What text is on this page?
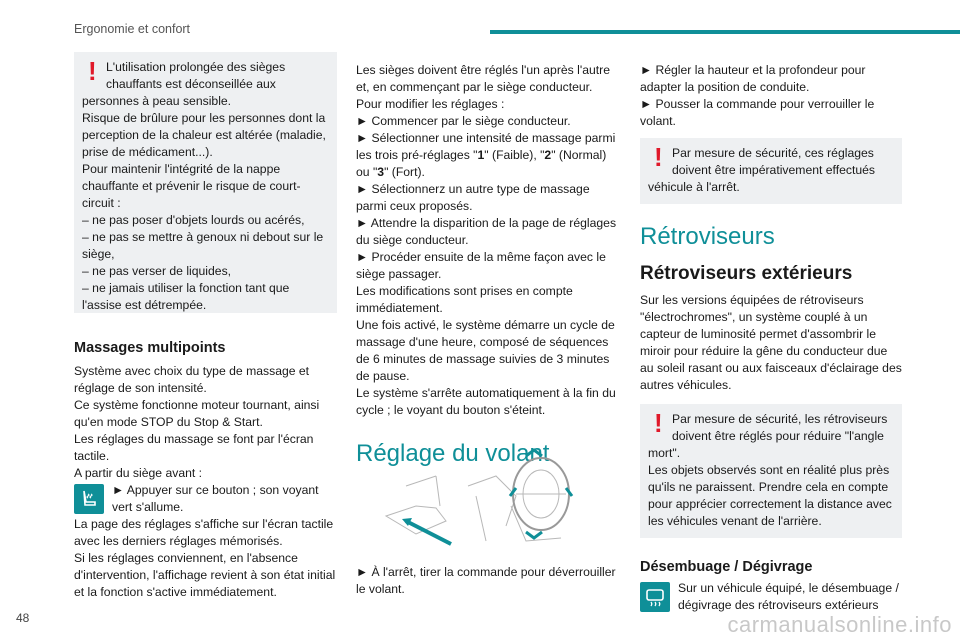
Ergonomie et confort
! L'utilisation prolongée des sièges chauffants est déconseillée aux

personnes à peau sensible.

Risque de brûlure pour les personnes dont la perception de la chaleur est altérée (maladie, prise de médicament...).

Pour maintenir l'intégrité de la nappe chauffante et prévenir le risque de court-circuit :

– ne pas poser d'objets lourds ou acérés,

– ne pas se mettre à genoux ni debout sur le siège,

– ne pas verser de liquides,

– ne jamais utiliser la fonction tant que l'assise est détrempée.

Massages multipoints

Système avec choix du type de massage et réglage de son intensité.

Ce système fonctionne moteur tournant, ainsi qu'en mode STOP du Stop & Start.

Les réglages du massage se font par l'écran tactile.

A partir du siège avant :

► Appuyer sur ce bouton ; son voyant vert s'allume.

La page des réglages s'affiche sur l'écran tactile avec les derniers réglages mémorisés.

Si les réglages conviennent, en l'absence d'intervention, l'affichage revient à son état initial et la fonction s'active immédiatement.

Les sièges doivent être réglés l'un après l'autre et, en commençant par le siège conducteur.

Pour modifier les réglages :

► Commencer par le siège conducteur.

► Sélectionner une intensité de massage parmi les trois pré-réglages "1" (Faible), "2" (Normal) ou "3" (Fort).

► Sélectionnerz un autre type de massage parmi ceux proposés.

► Attendre la disparition de la page de réglages du siège conducteur.

► Procéder ensuite de la même façon avec le siège passager.

Les modifications sont prises en compte immédiatement.

Une fois activé, le système démarre un cycle de massage d'une heure, composé de séquences de 6 minutes de massage suivies de 3 minutes de pause.

Le système s'arrête automatiquement à la fin du cycle ; le voyant du bouton s'éteint.

Réglage du volant

► À l'arrêt, tirer la commande pour déverrouiller le volant.

► Régler la hauteur et la profondeur pour adapter la position de conduite.

► Pousser la commande pour verrouiller le volant.

! Par mesure de sécurité, ces réglages doivent être impérativement effectués

véhicule à l'arrêt.

Rétroviseurs
Rétroviseurs extérieurs

Sur les versions équipées de rétroviseurs "électrochromes", un système couplé à un capteur de luminosité permet d'assombrir le miroir pour réduire la gêne du conducteur due au soleil rasant ou aux faisceaux d'éclairage des autres véhicules.

! Par mesure de sécurité, les rétroviseurs doivent être réglés pour réduire "l'angle

mort".

Les objets observés sont en réalité plus près qu'ils ne paraissent. Prendre cela en compte pour apprécier correctement la distance avec les véhicules venant de l'arrière.

Désembuage / Dégivrage

Sur un véhicule équipé, le désembuage / dégivrage des rétroviseurs extérieurs

48	carmanualsonline.info
